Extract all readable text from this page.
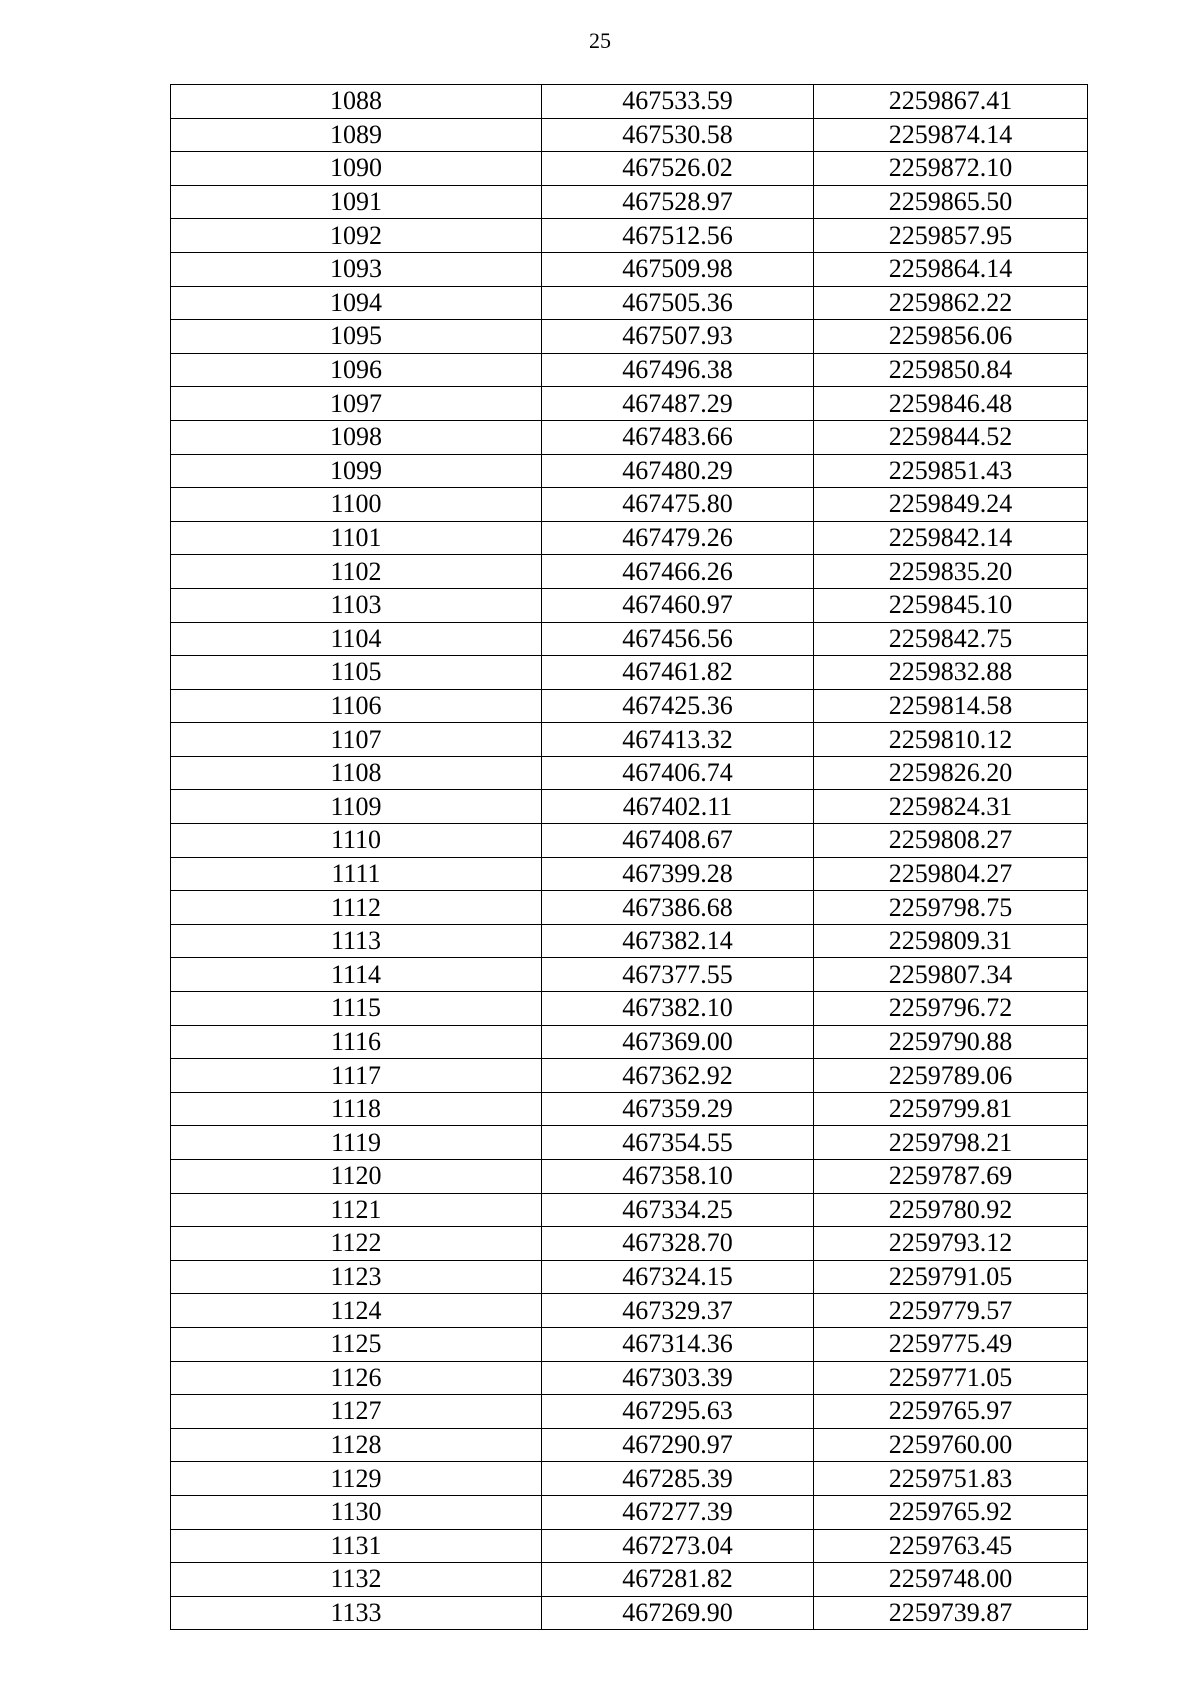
25
1088	467533.59	2259867.41
1089	467530.58	2259874.14
1090	467526.02	2259872.10
1091	467528.97	2259865.50
1092	467512.56	2259857.95
1093	467509.98	2259864.14
1094	467505.36	2259862.22
1095	467507.93	2259856.06
1096	467496.38	2259850.84
1097	467487.29	2259846.48
1098	467483.66	2259844.52
1099	467480.29	2259851.43
1100	467475.80	2259849.24
1101	467479.26	2259842.14
1102	467466.26	2259835.20
1103	467460.97	2259845.10
1104	467456.56	2259842.75
1105	467461.82	2259832.88
1106	467425.36	2259814.58
1107	467413.32	2259810.12
1108	467406.74	2259826.20
1109	467402.11	2259824.31
1110	467408.67	2259808.27
1111	467399.28	2259804.27
1112	467386.68	2259798.75
1113	467382.14	2259809.31
1114	467377.55	2259807.34
1115	467382.10	2259796.72
1116	467369.00	2259790.88
1117	467362.92	2259789.06
1118	467359.29	2259799.81
1119	467354.55	2259798.21
1120	467358.10	2259787.69
1121	467334.25	2259780.92
1122	467328.70	2259793.12
1123	467324.15	2259791.05
1124	467329.37	2259779.57
1125	467314.36	2259775.49
1126	467303.39	2259771.05
1127	467295.63	2259765.97
1128	467290.97	2259760.00
1129	467285.39	2259751.83
1130	467277.39	2259765.92
1131	467273.04	2259763.45
1132	467281.82	2259748.00
1133	467269.90	2259739.87
